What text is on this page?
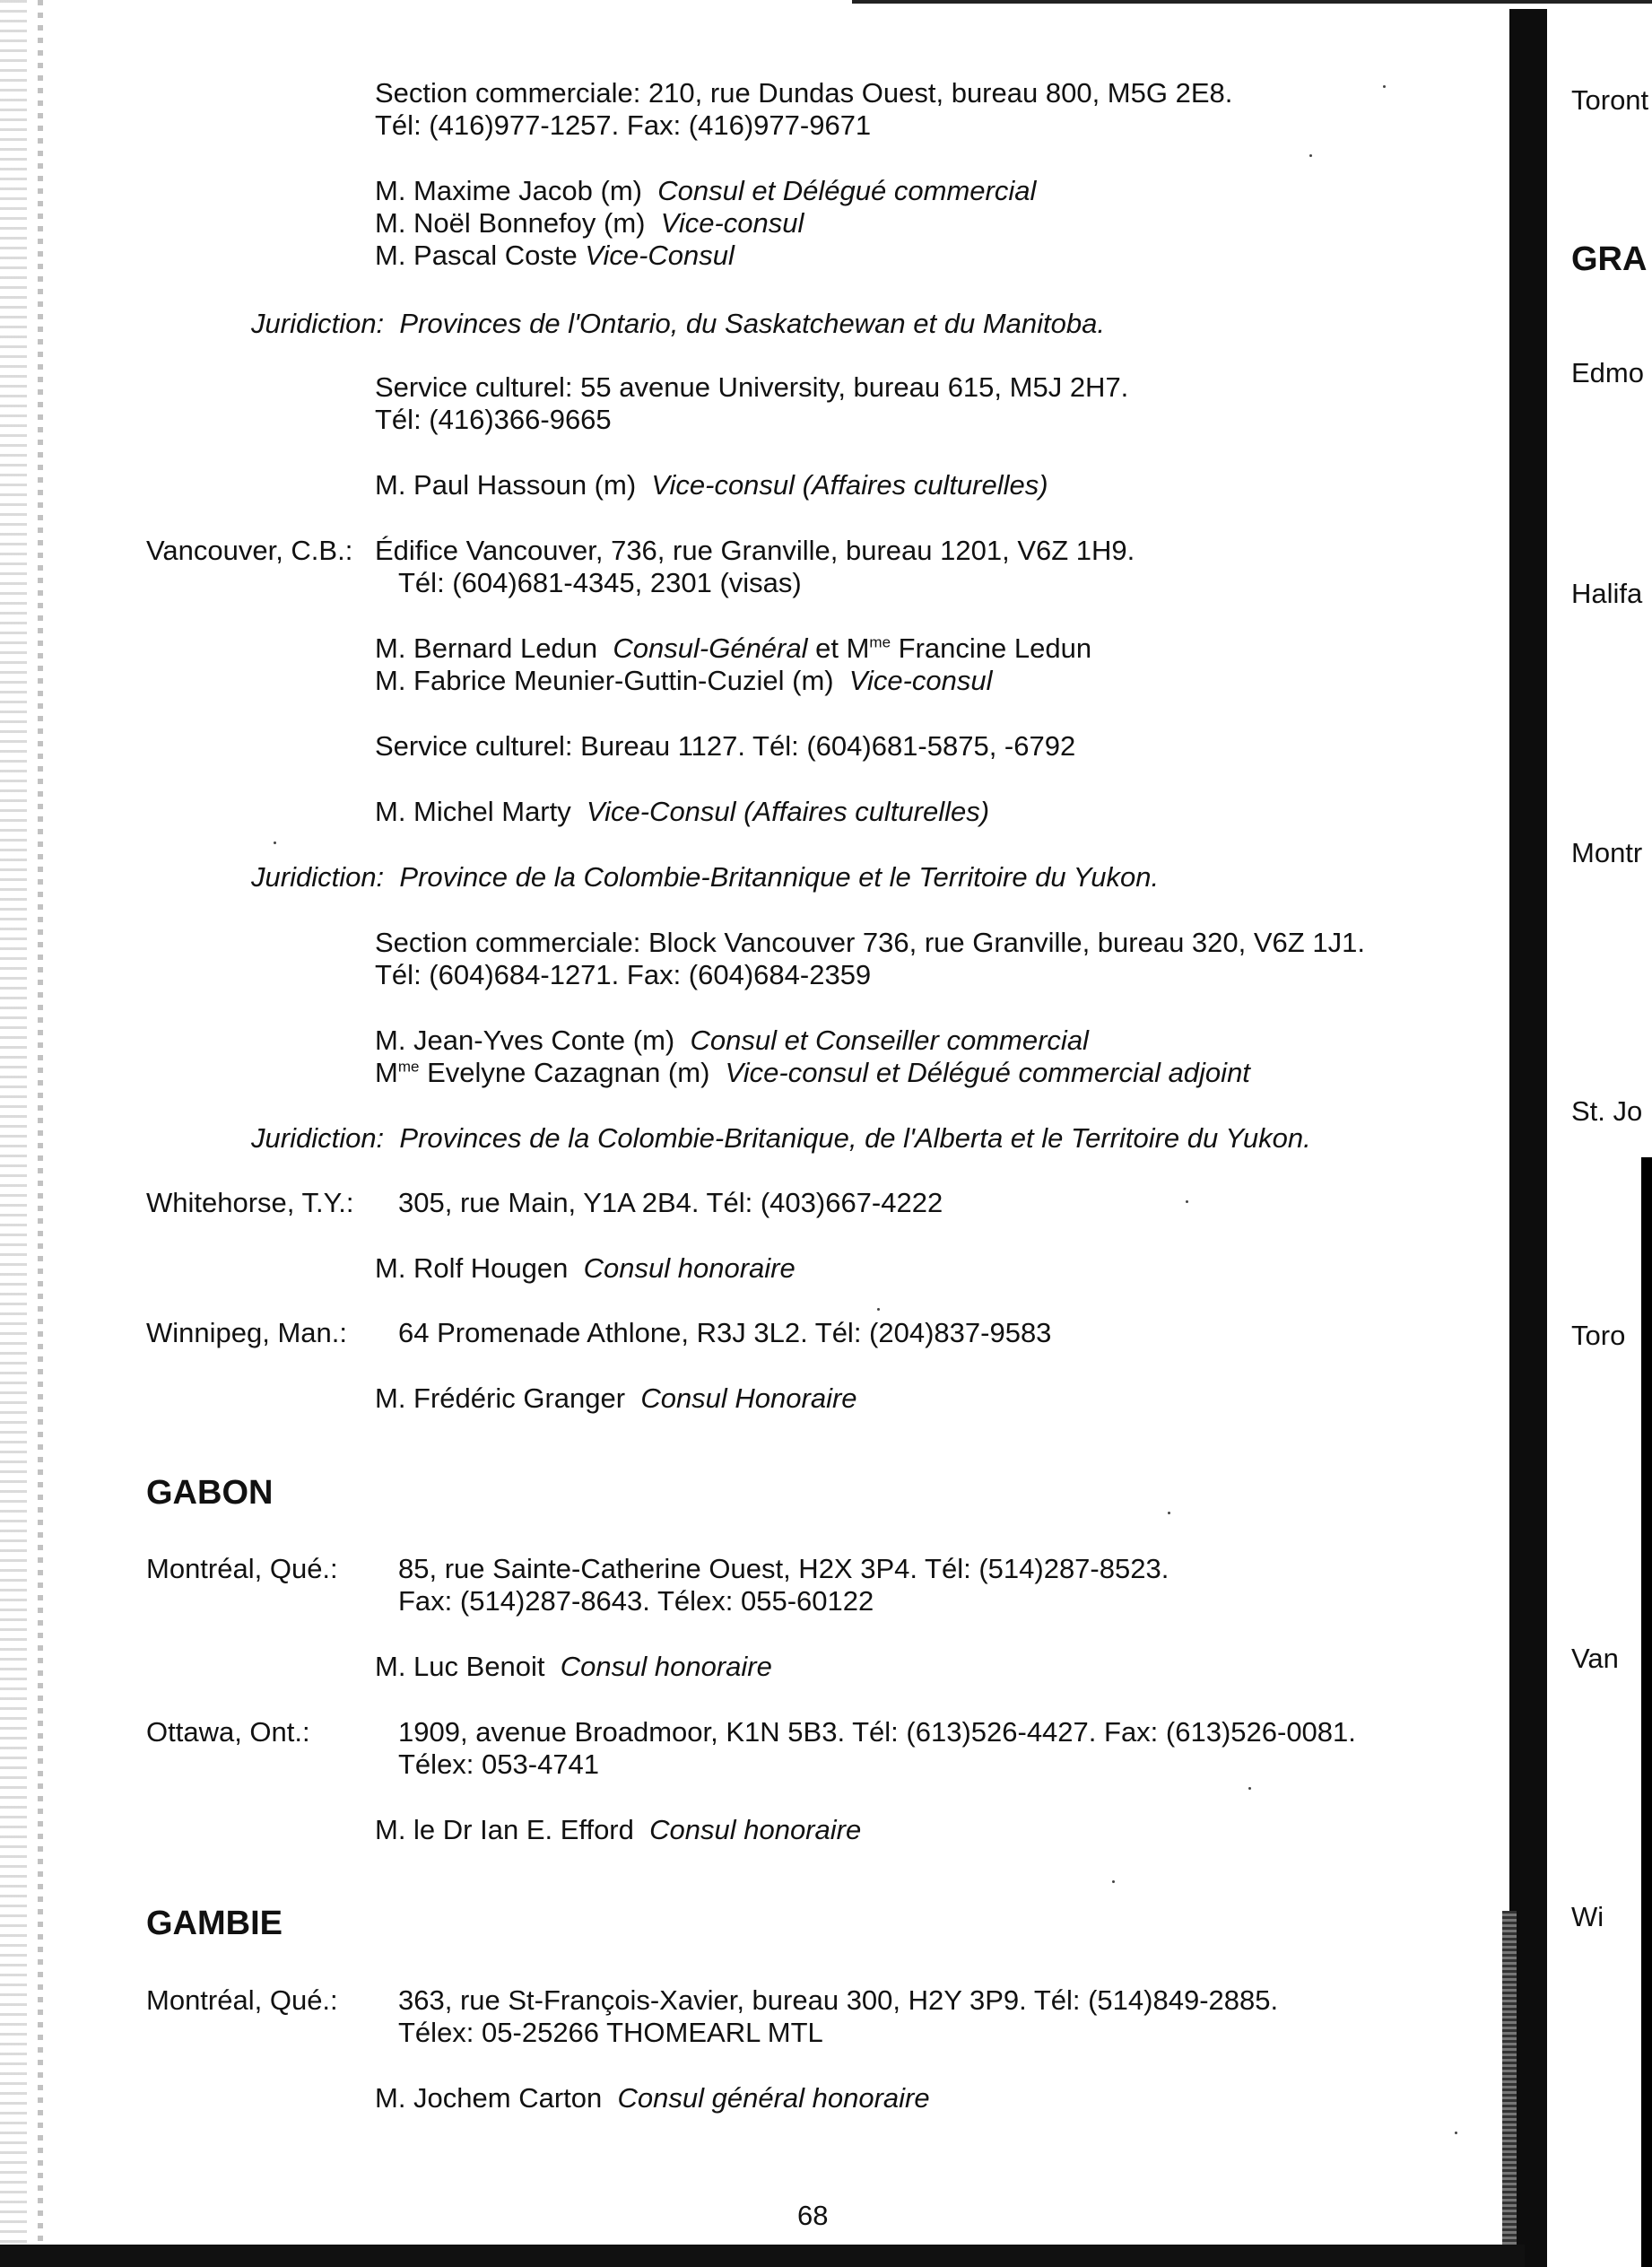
Section commerciale: 210, rue Dundas Ouest, bureau 800, M5G 2E8.
Tél: (416)977-1257. Fax: (416)977-9671
M. Maxime Jacob (m) Consul et Délégué commercial
M. Noël Bonnefoy (m) Vice-consul
M. Pascal Coste Vice-Consul
Juridiction: Provinces de l'Ontario, du Saskatchewan et du Manitoba.
Service culturel: 55 avenue University, bureau 615, M5J 2H7.
Tél: (416)366-9665
M. Paul Hassoun (m) Vice-consul (Affaires culturelles)
Vancouver, C.B.: Édifice Vancouver, 736, rue Granville, bureau 1201, V6Z 1H9.
Tél: (604)681-4345, 2301 (visas)
M. Bernard Ledun Consul-Général et $M^{me}$ Francine Ledun
M. Fabrice Meunier-Guttin-Cuziel (m) Vice-consul
Service culturel: Bureau 1127. Tél: (604)681-5875, -6792
M. Michel Marty Vice-Consul (Affaires culturelles)
Juridiction: Province de la Colombie-Britannique et le Territoire du Yukon.
Section commerciale: Block Vancouver 736, rue Granville, bureau 320, V6Z 1J1.
Tél: (604)684-1271. Fax: (604)684-2359
M. Jean-Yves Conte (m) Consul et Conseiller commercial
$M^{me}$ Evelyne Cazagnan (m) Vice-consul et Délégué commercial adjoint
Juridiction: Provinces de la Colombie-Britanique, de l'Alberta et le Territoire du Yukon.
Whitehorse, T.Y.: 305, rue Main, Y1A 2B4. Tél: (403)667-4222
M. Rolf Hougen Consul honoraire
Winnipeg, Man.: 64 Promenade Athlone, R3J 3L2. Tél: (204)837-9583
M. Frédéric Granger Consul Honoraire
GABON
Montréal, Qué.: 85, rue Sainte-Catherine Ouest, H2X 3P4. Tél: (514)287-8523.
Fax: (514)287-8643. Télex: 055-60122
M. Luc Benoit Consul honoraire
Ottawa, Ont.:	1909, avenue Broadmoor, K1N 5B3. Tél: (613)526-4427. Fax: (613)526-0081.
Télex: 053-4741
M. le Dr Ian E. Efford Consul honoraire
GAMBIE
Montréal, Qué.: 363, rue St-François-Xavier, bureau 300, H2Y 3P9. Tél: (514)849-2885.
Télex: 05-25266 THOMEARL MTL
M. Jochem Carton Consul général honoraire
68
Toront
GRA
Edmo
Halifa
Montr
St. Jo
Toro
Van
Wi
